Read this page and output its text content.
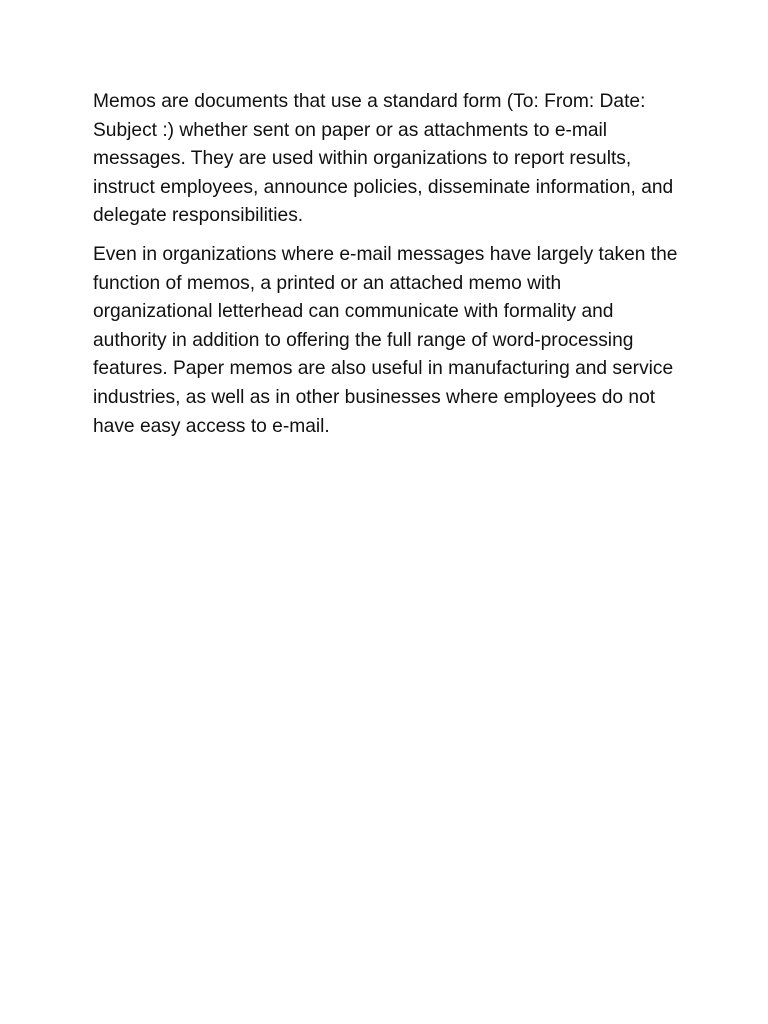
Memos are documents that use a standard form (To: From: Date: Subject :) whether sent on paper or as attachments to e-mail messages. They are used within organizations to report results, instruct employees, announce policies, disseminate information, and delegate responsibilities.

Even in organizations where e-mail messages have largely taken the function of memos, a printed or an attached memo with organizational letterhead can communicate with formality and authority in addition to offering the full range of word-processing features. Paper memos are also useful in manufacturing and service industries, as well as in other businesses where employees do not have easy access to e-mail.
